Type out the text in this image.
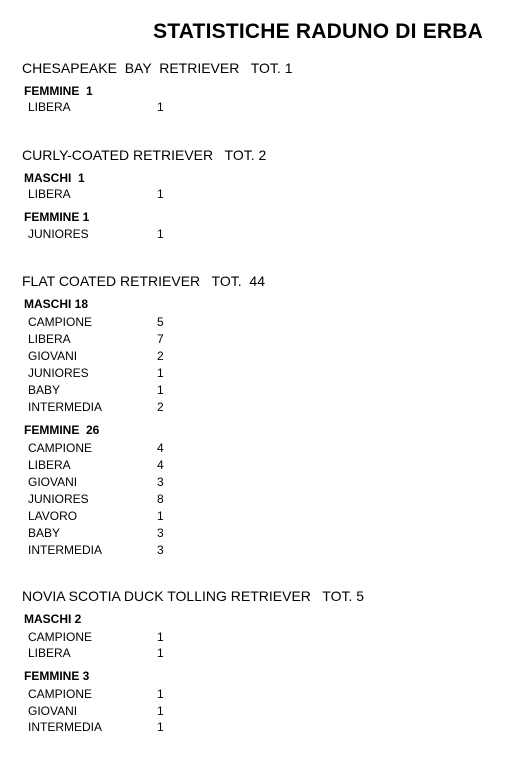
STATISTICHE RADUNO DI ERBA
CHESAPEAKE  BAY  RETRIEVER   TOT. 1
FEMMINE  1
LIBERA	1
CURLY-COATED RETRIEVER   TOT. 2
MASCHI  1
LIBERA	1
FEMMINE 1
JUNIORES	1
FLAT COATED RETRIEVER   TOT.  44
MASCHI 18
CAMPIONE	5
LIBERA	7
GIOVANI	2
JUNIORES	1
BABY	1
INTERMEDIA	2
FEMMINE  26
CAMPIONE	4
LIBERA	4
GIOVANI	3
JUNIORES	8
LAVORO	1
BABY	3
INTERMEDIA	3
NOVIA SCOTIA DUCK TOLLING RETRIEVER   TOT. 5
MASCHI 2
CAMPIONE	1
LIBERA	1
FEMMINE 3
CAMPIONE	1
GIOVANI	1
INTERMEDIA	1
